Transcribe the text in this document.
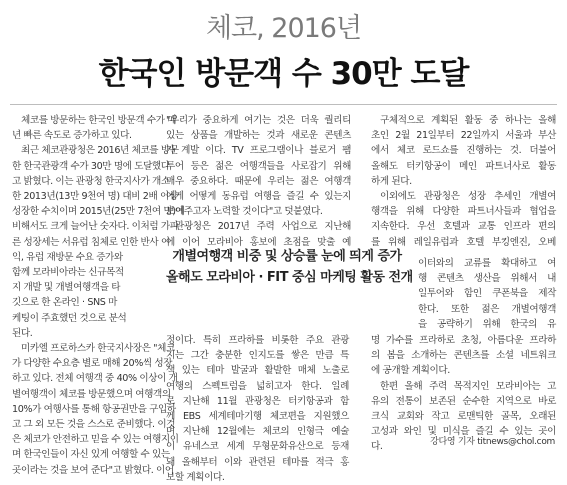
체코, 2016년
한국인 방문객 수 30만 도달
체코를 방문하는 한국인 방문객 수가 매
년 빠른 속도로 증가하고 있다.
최근 체코관광청은 2016년 체코를 방문
한 한국관광객 수가 30만 명에 도달했다
고 밝혔다. 이는 관광청 한국지사가 개소
한 2013년(13만 9천여 명) 대비 2배 이상
성장한 수치이며 2015년(25만 7천여 명)에
비해서도 크게 늘어난 숫자다. 이처럼 가파
른 성장세는 서유럽 침체로 인한 반사 이
익, 유럽 재방문 수요 증가와
함께 모라비아라는 신규목적
지 개발 및 개별여행객을 타
깃으로 한 온라인 · SNS 마
케팅이 주효했던 것으로 분석
된다.
미카엘 프로하스카 한국지사장은 "체코
가 다양한 수요층 별로 매해 20%씩 성장
하고 있다. 전체 여행객 중 40% 이상이 개
별여행객이 체코를 방문했으며 여행객의
10%가 여행사를 통해 항공권만을 구입하
고 그 외 모든 것을 스스로 준비했다. 이것
은 체코가 안전하고 믿을 수 있는 여행지이
며 한국인들이 자신 있게 여행할 수 있는
곳이라는 것을 보여 준다"고 밝혔다. 이어
"우리가 중요하게 여기는 것은 더욱 퀄리티
있는 상품을 개발하는 것과 새로운 콘텐츠
가 계발 이다. TV 프로그램이나 블로거 팸
투어 등은 젊은 여행객들을 사로잡기 위해
매우 중요하다. 때문에 우리는 젊은 여행객
에게 어떻게 동유럽 여행을 즐길 수 있는지
보여주고자 노력할 것이다"고 덧붙였다.
관광청은 2017년 주력 사업으로 지난해
에 이어 모라비아 홍보에 초점을 맞출 예
정이다. 특히 프라하를 비롯한 주요 관광
지는 그간 충분한 인지도를 쌓은 만큼 특
색 있는 테마 발굴과 활발한 매체 노출로
여행의 스펙트럼을 넓히고자 한다. 일례
로 지난해 11월 관광청은 터키항공과 함
께 EBS 세계테마기행 체코편을 지원했으
며 지난해 12월에는 체코의 인형극 예술
이 유네스코 세계 무형문화유산으로 등재
돼 올해부터 이와 관련된 테마를 적극 홍
보할 계획이다.
구체적으로 계획된 활동 중 하나는 올해
초인 2월 21일부터 22일까지 서울과 부산
에서 체코 로드쇼를 진행하는 것. 더불어
올해도 터키항공이 메인 파트너사로 활동
하게 된다.
이외에도 관광청은 성장 추세인 개별여
행객을 위해 다양한 파트너사들과 협업을
지속한다. 우선 호텔과 교통 인프라 편의
를 위해 레일유럽과 호텔 부킹엔진, 오베
이터와의 교류를 확대하고 여
행 콘텐츠 생산을 위해서 내
일투어와 함인 쿠폰북을 제작
한다. 또한 젊은 개별여행객
을 공략하기 위해 한국의 유
명 가수를 프라하로 초청, 아름다운 프라하
의 봄을 소개하는 콘텐츠를 소셜 네트워크
에 공개할 계획이다.
한편 올해 주력 목적지인 모라비아는 고
유의 전통이 보존된 순수한 지역으로 바로
크식 교회와 작고 로맨틱한 골목, 오래된
고성과 와인 및 미식을 즐길 수 있는 곳이
다.
개별여행객 비중 및 상승률 눈에 띄게 증가
올해도 모라비아 · FIT 중심 마케팅 활동 전개
강다영 기자 titnews@chol.com
